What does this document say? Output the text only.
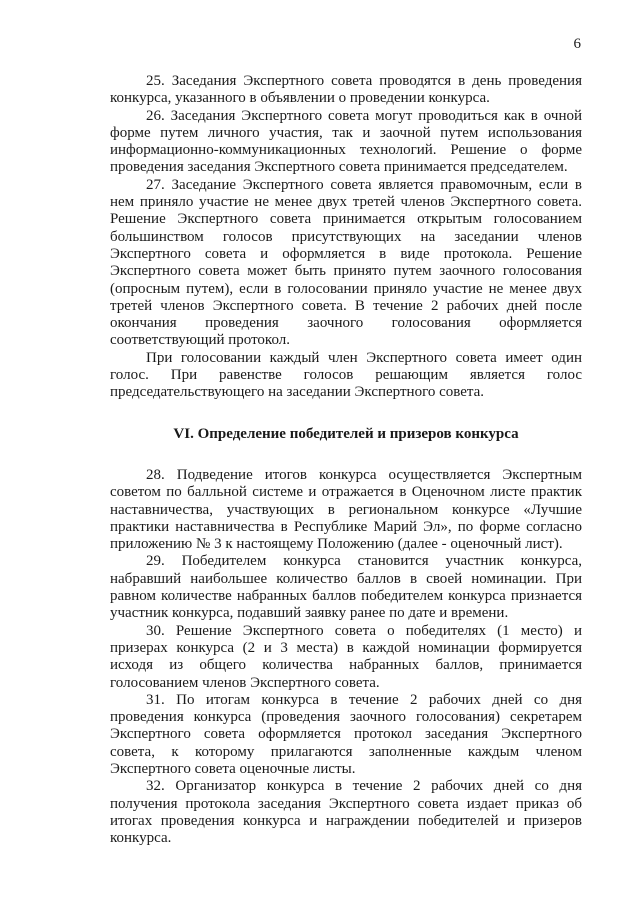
6

25. Заседания Экспертного совета проводятся в день проведения конкурса, указанного в объявлении о проведении конкурса.

26. Заседания Экспертного совета могут проводиться как в очной форме путем личного участия, так и заочной путем использования информационно-коммуникационных технологий. Решение о форме проведения заседания Экспертного совета принимается председателем.

27. Заседание Экспертного совета является правомочным, если в нем приняло участие не менее двух третей членов Экспертного совета. Решение Экспертного совета принимается открытым голосованием большинством голосов присутствующих на заседании членов Экспертного совета и оформляется в виде протокола. Решение Экспертного совета может быть принято путем заочного голосования (опросным путем), если в голосовании приняло участие не менее двух третей членов Экспертного совета. В течение 2 рабочих дней после окончания проведения заочного голосования оформляется соответствующий протокол.

При голосовании каждый член Экспертного совета имеет один голос. При равенстве голосов решающим является голос председательствующего на заседании Экспертного совета.

VI. Определение победителей и призеров конкурса

28. Подведение итогов конкурса осуществляется Экспертным советом по балльной системе и отражается в Оценочном листе практик наставничества, участвующих в региональном конкурсе «Лучшие практики наставничества в Республике Марий Эл», по форме согласно приложению № 3 к настоящему Положению (далее - оценочный лист).

29. Победителем конкурса становится участник конкурса, набравший наибольшее количество баллов в своей номинации. При равном количестве набранных баллов победителем конкурса признается участник конкурса, подавший заявку ранее по дате и времени.

30. Решение Экспертного совета о победителях (1 место) и призерах конкурса (2 и 3 места) в каждой номинации формируется исходя из общего количества набранных баллов, принимается голосованием членов Экспертного совета.

31. По итогам конкурса в течение 2 рабочих дней со дня проведения конкурса (проведения заочного голосования) секретарем Экспертного совета оформляется протокол заседания Экспертного совета, к которому прилагаются заполненные каждым членом Экспертного совета оценочные листы.

32. Организатор конкурса в течение 2 рабочих дней со дня получения протокола заседания Экспертного совета издает приказ об итогах проведения конкурса и награждении победителей и призеров конкурса.
